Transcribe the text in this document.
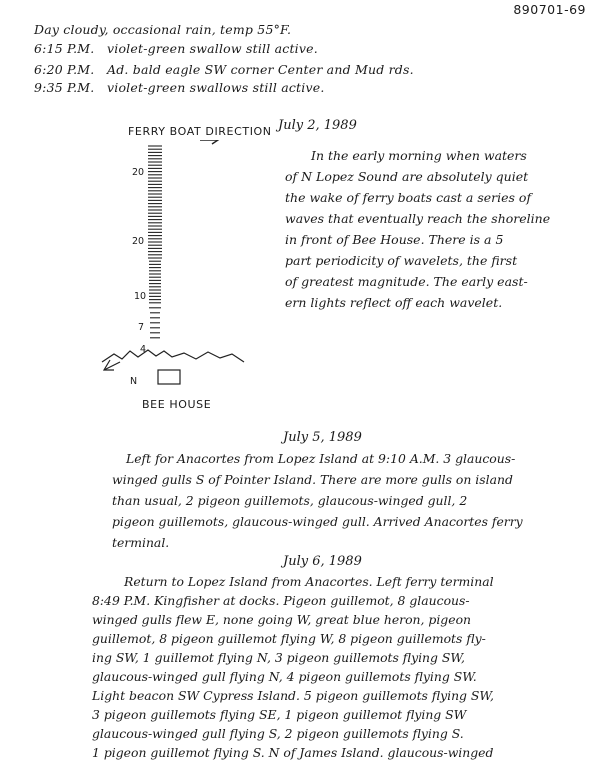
890701-69
Day cloudy, occasional rain, temp 55°F.
6:15 P.M. violet-green swallow still active.
6:20 P.M. Ad. bald eagle SW corner Center and Mud rds.
9:35 P.M. violet-green swallows still active.
FERRY BOAT DIRECTION July 2, 1989
20
20
10
7
4
N
BEE HOUSE
In the early morning when waters
of N Lopez Sound are absolutely quiet
the wake of ferry boats cast a series of
waves that eventually reach the shoreline
in front of Bee House. There is a 5
part periodicity of wavelets, the first
of greatest magnitude. The early east-
ern lights reflect off each wavelet.
July 5, 1989
Left for Anacortes from Lopez Island at 9:10 A.M. 3 glaucous-
winged gulls S of Pointer Island. There are more gulls on island
than usual, 2 pigeon guillemots, glaucous-winged gull, 2
pigeon guillemots, glaucous-winged gull. Arrived Anacortes ferry
terminal.
July 6, 1989
Return to Lopez Island from Anacortes. Left ferry terminal
8:49 P.M. Kingfisher at docks. Pigeon guillemot, 8 glaucous-
winged gulls flew E, none going W, great blue heron, pigeon
guillemot, 8 pigeon guillemot flying W, 8 pigeon guillemots fly-
ing SW, 1 guillemot flying N, 3 pigeon guillemots flying SW,
glaucous-winged gull flying N, 4 pigeon guillemots flying SW.
Light beacon SW Cypress Island. 5 pigeon guillemots flying SW,
3 pigeon guillemots flying SE, 1 pigeon guillemot flying SW
glaucous-winged gull flying S, 2 pigeon guillemots flying S.
1 pigeon guillemot flying S. N of James Island. glaucous-winged
